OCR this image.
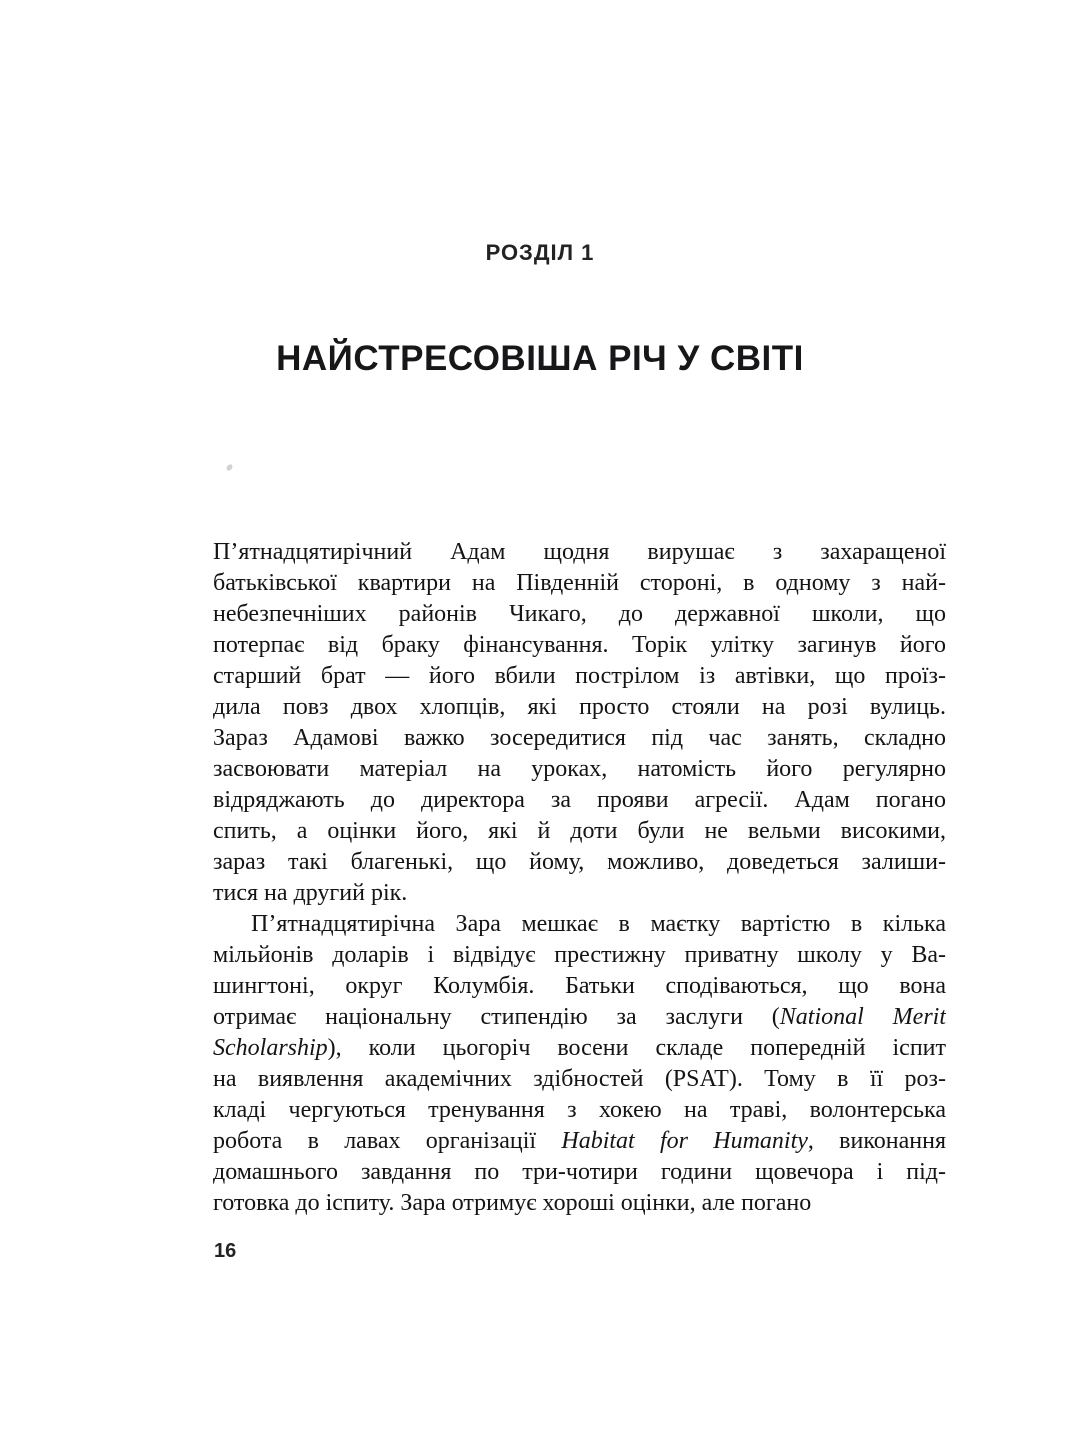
РОЗДІЛ 1
НАЙСТРЕСОВІША РІЧ У СВІТІ
П’ятнадцятирічний Адам щодня вирушає з захаращеної
батьківської квартири на Південній стороні, в одному з най-
небезпечніших районів Чикаго, до державної школи, що
потерпає від браку фінансування. Торік улітку загинув його
старший брат — його вбили пострілом із автівки, що проїз-
дила повз двох хлопців, які просто стояли на розі вулиць.
Зараз Адамові важко зосередитися під час занять, складно
засвоювати матеріал на уроках, натомість його регулярно
відряджають до директора за прояви агресії. Адам погано
спить, а оцінки його, які й доти були не вельми високими,
зараз такі благенькі, що йому, можливо, доведеться залиши-
тися на другий рік.
П’ятнадцятирічна Зара мешкає в маєтку вартістю в кілька
мільйонів доларів і відвідує престижну приватну школу у Ва-
шингтоні, округ Колумбія. Батьки сподіваються, що вона
отримає національну стипендію за заслуги (National Merit
Scholarship), коли цьогоріч восени складе попередній іспит
на виявлення академічних здібностей (PSAT). Тому в її роз-
кладі чергуються тренування з хокею на траві, волонтерська
робота в лавах організації Habitat for Humanity, виконання
домашнього завдання по три-чотири години щовечора і під-
готовка до іспиту. Зара отримує хороші оцінки, але погано
16
